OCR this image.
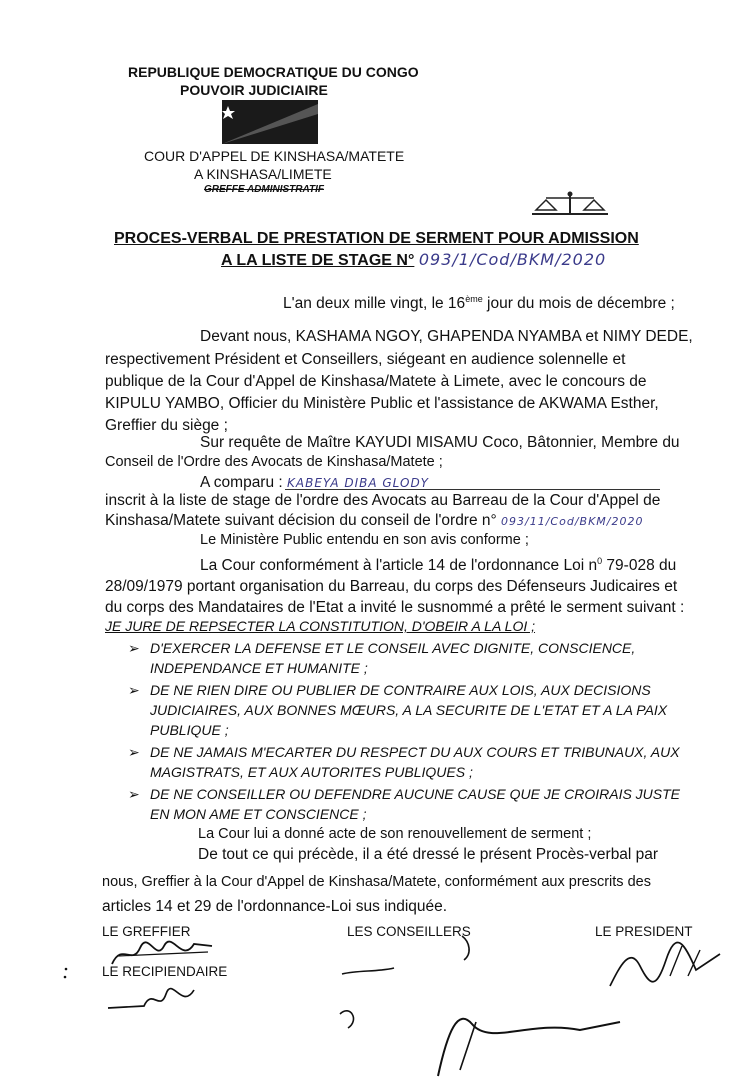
REPUBLIQUE DEMOCRATIQUE DU CONGO
POUVOIR JUDICIAIRE
COUR D'APPEL DE KINSHASA/MATETE
A KINSHASA/LIMETE
GREFFE ADMINISTRATIF
PROCES-VERBAL DE PRESTATION DE SERMENT POUR ADMISSION
A LA LISTE DE STAGE N° 093/1/Cod/BKM/2020
L'an deux mille vingt, le 16ème jour du mois de décembre ;
Devant nous, KASHAMA NGOY, GHAPENDA NYAMBA et NIMY DEDE,
respectivement Président et Conseillers, siégeant en audience solennelle et
publique de la Cour d'Appel de Kinshasa/Matete à Limete, avec le concours de
KIPULU YAMBO, Officier du Ministère Public et l'assistance de AKWAMA Esther,
Greffier du siège ;
Sur requête de Maître KAYUDI MISAMU Coco, Bâtonnier, Membre du
Conseil de l'Ordre des Avocats de Kinshasa/Matete ;
A comparu : KABEYA DIBA GLODY
inscrit à la liste de stage de l'ordre des Avocats au Barreau de la Cour d'Appel de
Kinshasa/Matete suivant décision du conseil de l'ordre n° 093/11/Cod/BKM/2020
Le Ministère Public entendu en son avis conforme ;
La Cour conformément à l'article 14 de l'ordonnance Loi $n^0$ 79-028 du
28/09/1979 portant organisation du Barreau, du corps des Défenseurs Judicaires et
du corps des Mandataires de l'Etat a invité le susnommé a prêté le serment suivant :
JE JURE DE REPSECTER LA CONSTITUTION, D'OBEIR A LA LOI ;
➢ D'EXERCER LA DEFENSE ET LE CONSEIL AVEC DIGNITE, CONSCIENCE,
INDEPENDANCE ET HUMANITE ;
➢ DE NE RIEN DIRE OU PUBLIER DE CONTRAIRE AUX LOIS, AUX DECISIONS
JUDICIAIRES, AUX BONNES MŒURS, A LA SECURITE DE L'ETAT ET A LA PAIX
PUBLIQUE ;
➢ DE NE JAMAIS M'ECARTER DU RESPECT DU AUX COURS ET TRIBUNAUX, AUX
MAGISTRATS, ET AUX AUTORITES PUBLIQUES ;
➢ DE NE CONSEILLER OU DEFENDRE AUCUNE CAUSE QUE JE CROIRAIS JUSTE
EN MON AME ET CONSCIENCE ;
La Cour lui a donné acte de son renouvellement de serment ;
De tout ce qui précède, il a été dressé le présent Procès-verbal par
nous, Greffier à la Cour d'Appel de Kinshasa/Matete, conformément aux prescrits des
articles 14 et 29 de l'ordonnance-Loi sus indiquée.
LE GREFFIER	LES CONSEILLERS	LE PRESIDENT
LE RECIPIENDAIRE
